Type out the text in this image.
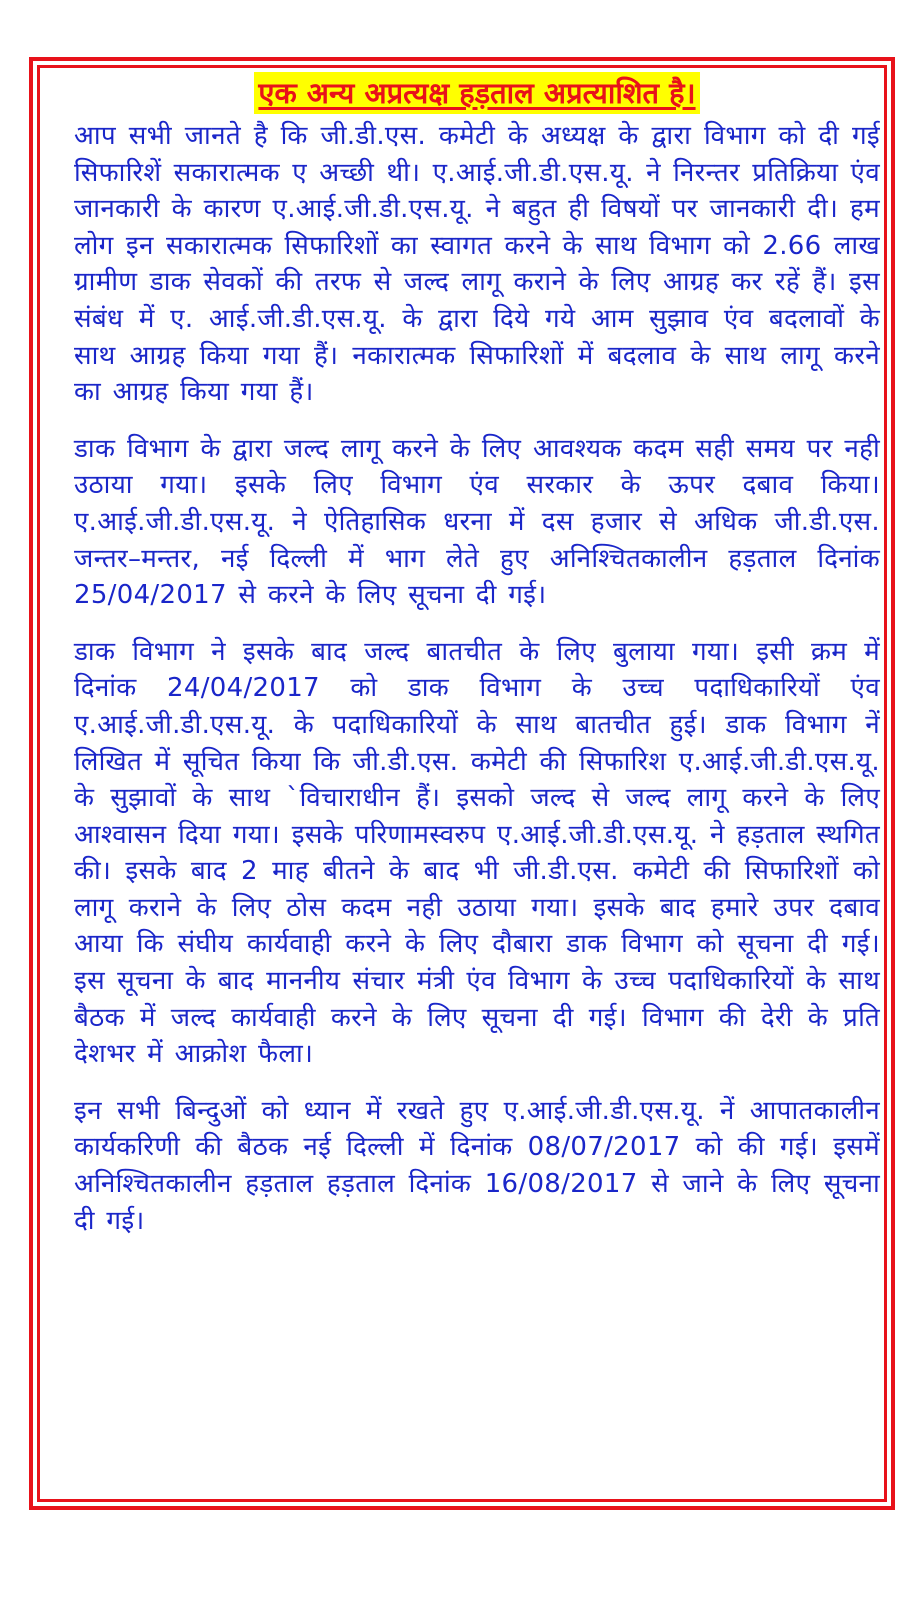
एक अन्य अप्रत्यक्ष हड़ताल अप्रत्याशित है।

आप सभी जानते है कि जी.डी.एस. कमेटी के अध्यक्ष के द्वारा विभाग को दी गई सिफारिशें सकारात्मक ए अच्छी थी। ए.आई.जी.डी.एस.यू. ने निरन्तर प्रतिक्रिया एंव जानकारी के कारण ए.आई.जी.डी.एस.यू. ने बहुत ही विषयों पर जानकारी दी। हम लोग इन सकारात्मक सिफारिशों का स्वागत करने के साथ विभाग को 2.66 लाख ग्रामीण डाक सेवकों की तरफ से जल्द लागू कराने के लिए आग्रह कर रहें हैं। इस संबंध में ए. आई.जी.डी.एस.यू. के द्वारा दिये गये आम सुझाव एंव बदलावों के साथ आग्रह किया गया हैं। नकारात्मक सिफारिशों में बदलाव के साथ लागू करने का आग्रह किया गया हैं।

डाक विभाग के द्वारा जल्द लागू करने के लिए आवश्यक कदम सही समय पर नही उठाया गया। इसके लिए विभाग एंव सरकार के ऊपर दबाव किया। ए.आई.जी.डी.एस.यू. ने ऐतिहासिक धरना में दस हजार से अधिक जी.डी.एस. जन्तर–मन्तर, नई दिल्ली में भाग लेते हुए अनिश्चितकालीन हड़ताल दिनांक 25/04/2017 से करने के लिए सूचना दी गई।

डाक विभाग ने इसके बाद जल्द बातचीत के लिए बुलाया गया। इसी क्रम में दिनांक 24/04/2017 को डाक विभाग के उच्च पदाधिकारियों एंव ए.आई.जी.डी.एस.यू. के पदाधिकारियों के साथ बातचीत हुई। डाक विभाग नें लिखित में सूचित किया कि जी.डी.एस. कमेटी की सिफारिश ए.आई.जी.डी.एस.यू. के सुझावों के साथ `विचाराधीन हैं। इसको जल्द से जल्द लागू करने के लिए आश्वासन दिया गया। इसके परिणामस्वरुप ए.आई.जी.डी.एस.यू. ने हड़ताल स्थगित की। इसके बाद 2 माह बीतने के बाद भी जी.डी.एस. कमेटी की सिफारिशों को लागू कराने के लिए ठोस कदम नही उठाया गया। इसके बाद हमारे उपर दबाव आया कि संघीय कार्यवाही करने के लिए दौबारा डाक विभाग को सूचना दी गई। इस सूचना के बाद माननीय संचार मंत्री एंव विभाग के उच्च पदाधिकारियों के साथ बैठक में जल्द कार्यवाही करने के लिए सूचना दी गई। विभाग की देरी के प्रति देशभर में आक्रोश फैला।

इन सभी बिन्दुओं को ध्यान में रखते हुए ए.आई.जी.डी.एस.यू. नें आपातकालीन कार्यकरिणी की बैठक नई दिल्ली में दिनांक 08/07/2017 को की गई। इसमें अनिश्चितकालीन हड़ताल हड़ताल दिनांक 16/08/2017 से जाने के लिए सूचना दी गई।
